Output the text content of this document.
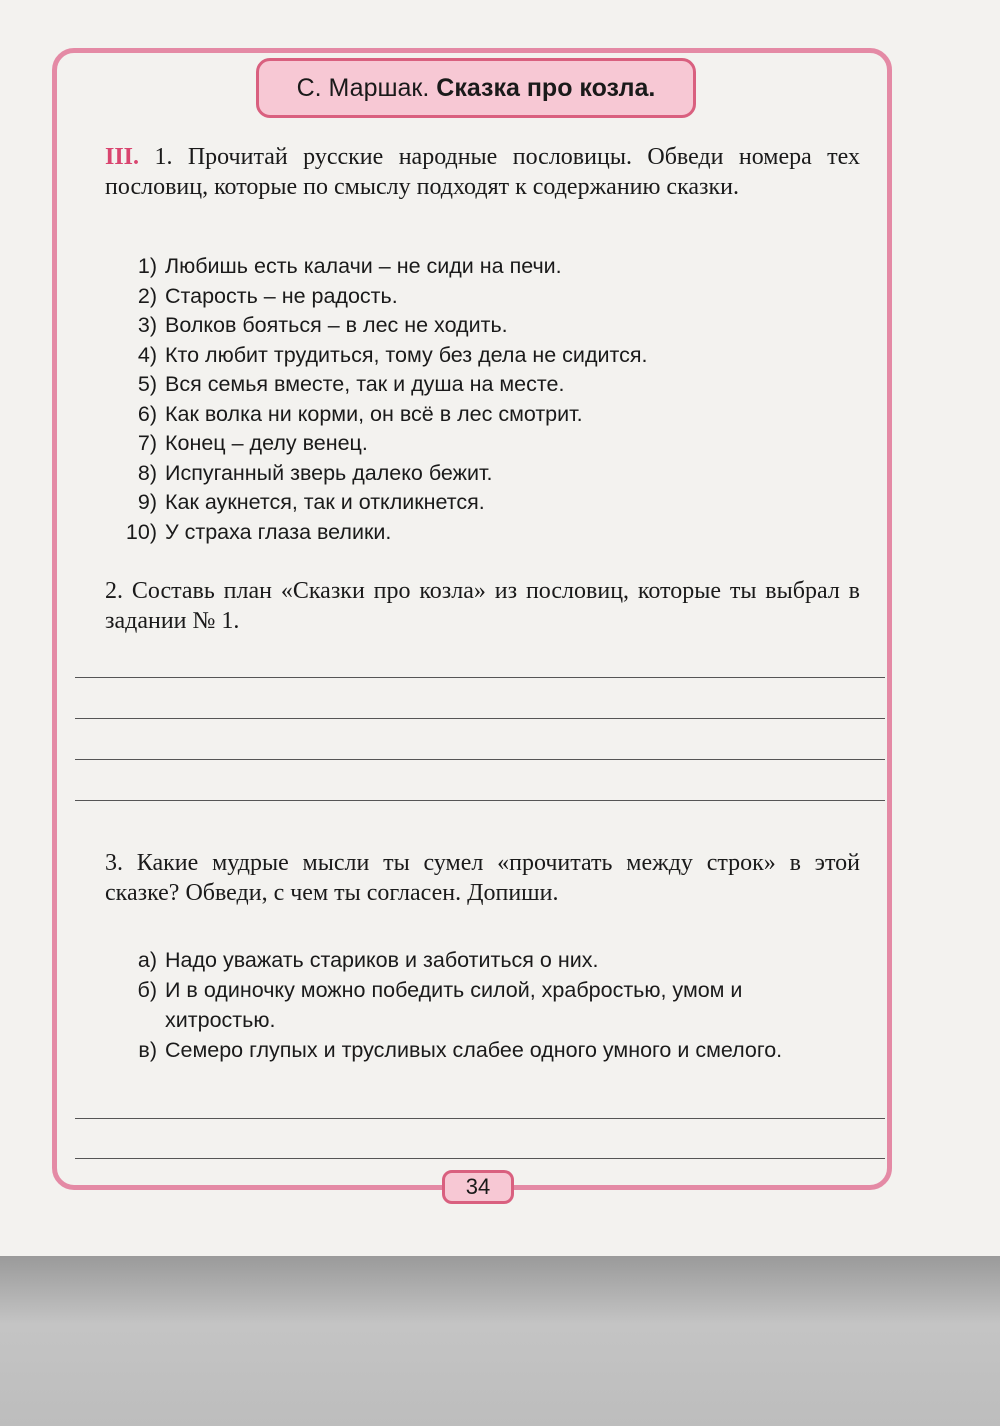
С. Маршак. Сказка про козла.
III. 1. Прочитай русские народные пословицы. Обведи номера тех пословиц, которые по смыслу подходят к содержанию сказки.
1) Любишь есть калачи – не сиди на печи.
2) Старость – не радость.
3) Волков бояться – в лес не ходить.
4) Кто любит трудиться, тому без дела не сидится.
5) Вся семья вместе, так и душа на месте.
6) Как волка ни корми, он всё в лес смотрит.
7) Конец – делу венец.
8) Испуганный зверь далеко бежит.
9) Как аукнется, так и откликнется.
10) У страха глаза велики.
2. Составь план «Сказки про козла» из пословиц, которые ты выбрал в задании № 1.
3. Какие мудрые мысли ты сумел «прочитать между строк» в этой сказке? Обведи, с чем ты согласен. Допиши.
а) Надо уважать стариков и заботиться о них.
б) И в одиночку можно победить силой, храбростью, умом и хитростью.
в) Семеро глупых и трусливых слабее одного умного и смелого.
34
